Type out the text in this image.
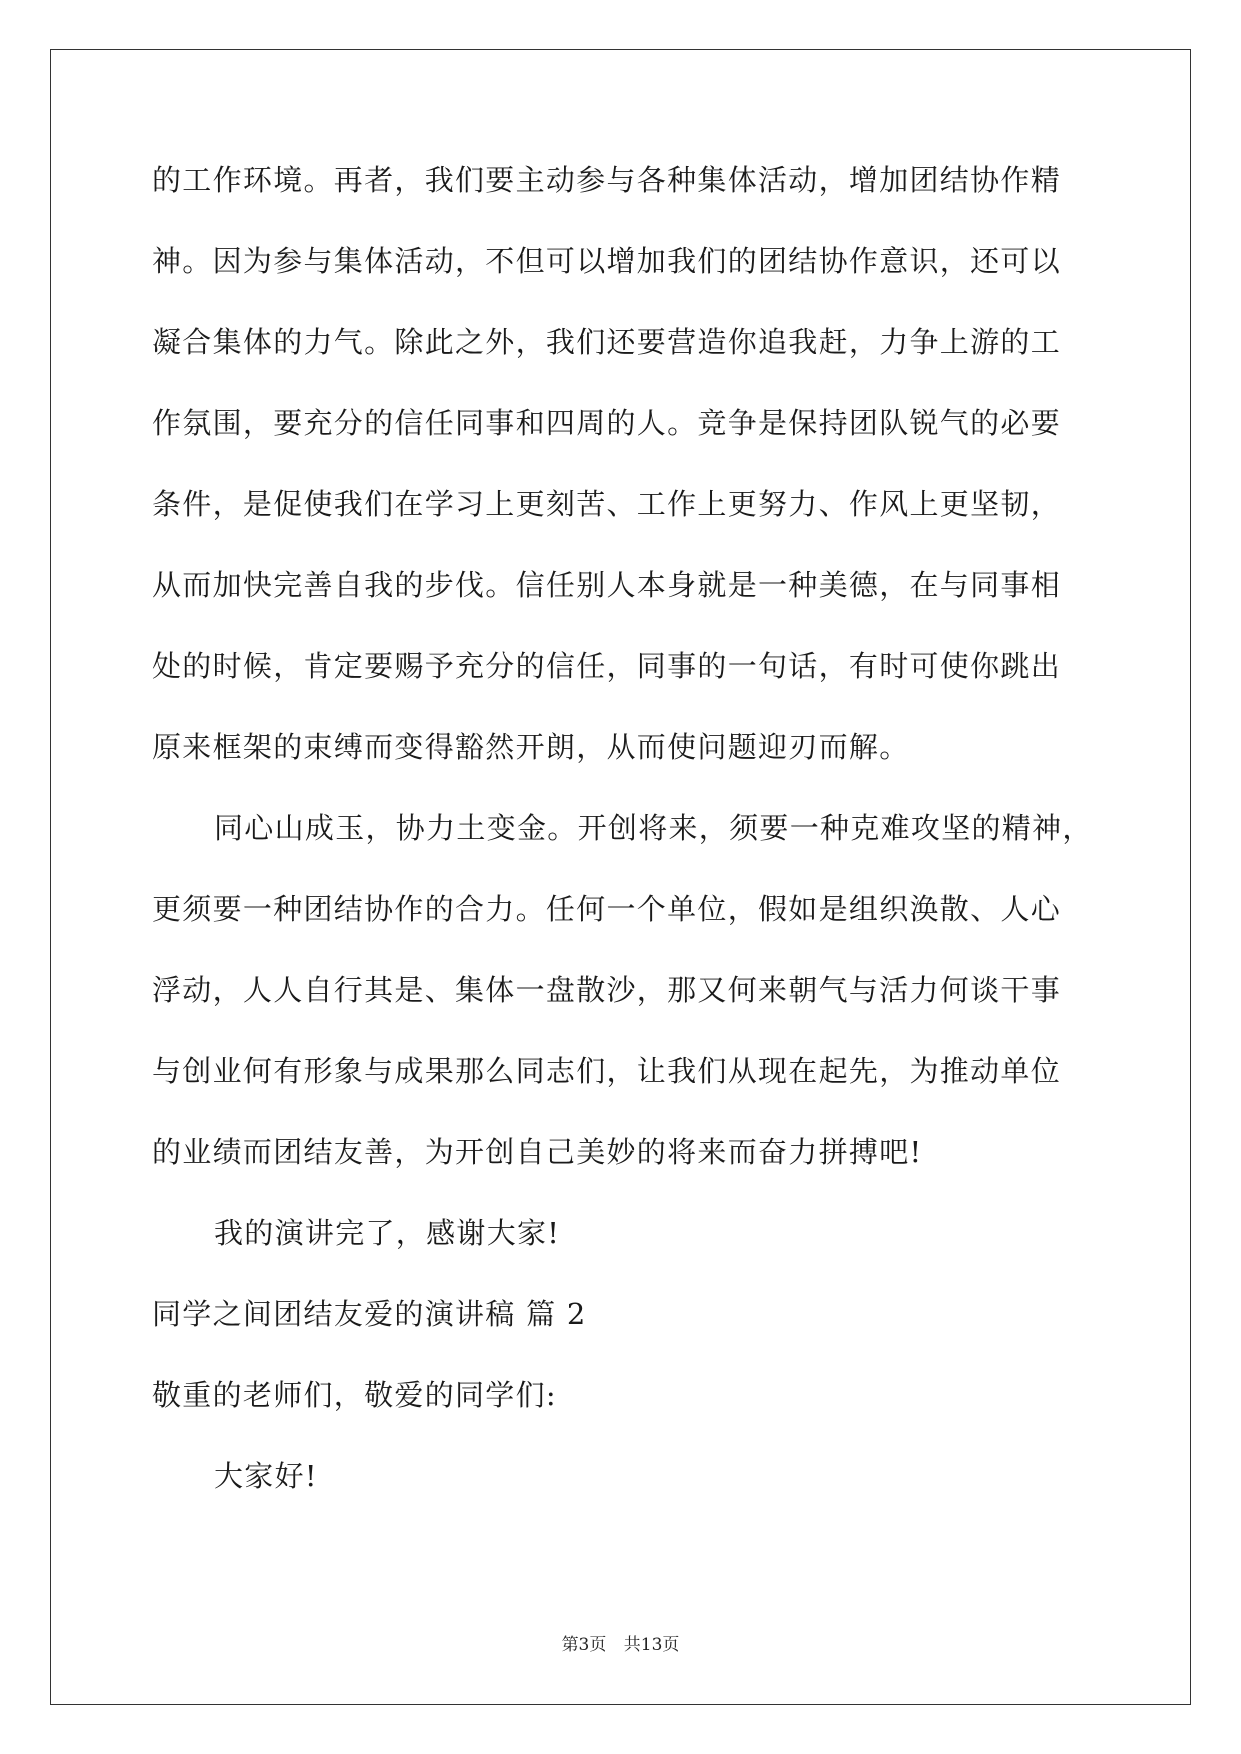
的工作环境。再者，我们要主动参与各种集体活动，增加团结协作精
神。因为参与集体活动，不但可以增加我们的团结协作意识，还可以
凝合集体的力气。除此之外，我们还要营造你追我赶，力争上游的工
作氛围，要充分的信任同事和四周的人。竞争是保持团队锐气的必要
条件，是促使我们在学习上更刻苦、工作上更努力、作风上更坚韧，
从而加快完善自我的步伐。信任别人本身就是一种美德，在与同事相
处的时候，肯定要赐予充分的信任，同事的一句话，有时可使你跳出
原来框架的束缚而变得豁然开朗，从而使问题迎刃而解。
同心山成玉，协力土变金。开创将来，须要一种克难攻坚的精神，
更须要一种团结协作的合力。任何一个单位，假如是组织涣散、人心
浮动，人人自行其是、集体一盘散沙，那又何来朝气与活力何谈干事
与创业何有形象与成果那么同志们，让我们从现在起先，为推动单位
的业绩而团结友善，为开创自己美妙的将来而奋力拼搏吧!
我的演讲完了，感谢大家!
同学之间团结友爱的演讲稿 篇 2
敬重的老师们，敬爱的同学们:
大家好!
第3页 共13页
